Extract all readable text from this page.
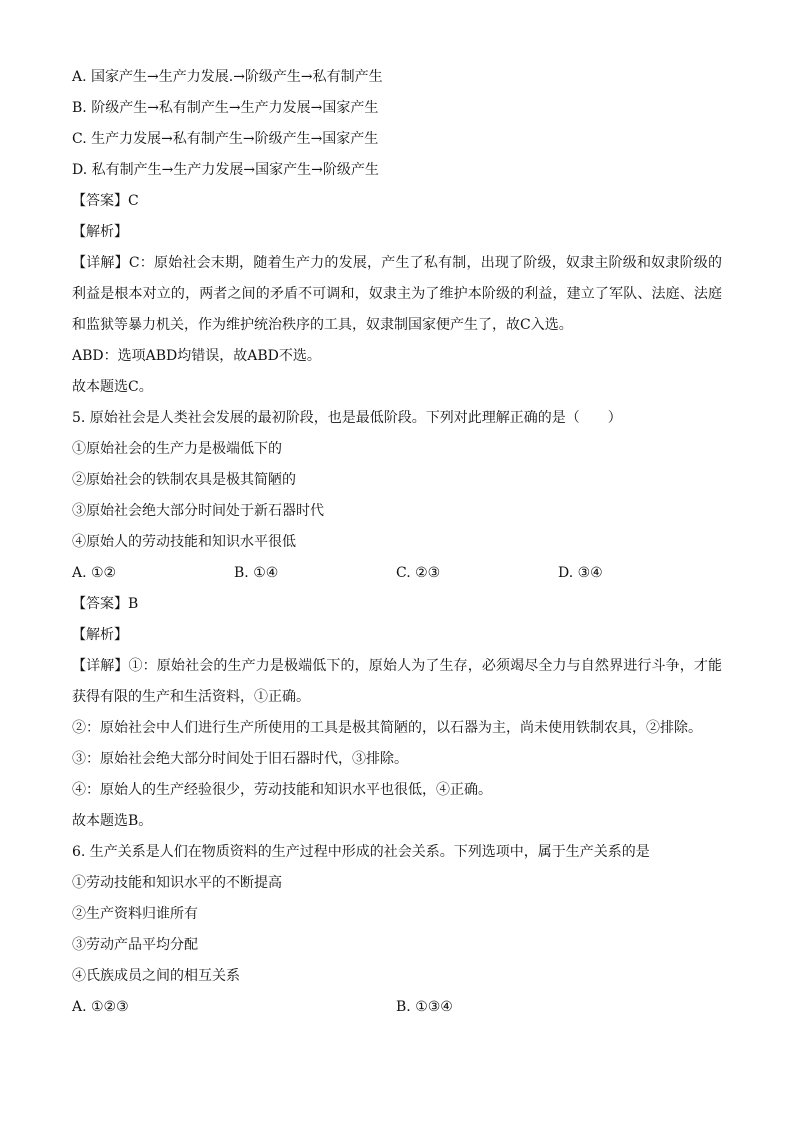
A. 国家产生→生产力发展.→阶级产生→私有制产生
B. 阶级产生→私有制产生→生产力发展→国家产生
C. 生产力发展→私有制产生→阶级产生→国家产生
D. 私有制产生→生产力发展→国家产生→阶级产生
【答案】C
【解析】
【详解】C：原始社会末期，随着生产力的发展，产生了私有制，出现了阶级，奴隶主阶级和奴隶阶级的利益是根本对立的，两者之间的矛盾不可调和，奴隶主为了维护本阶级的利益，建立了军队、法庭、法庭和监狱等暴力机关，作为维护统治秩序的工具，奴隶制国家便产生了，故C入选。
ABD：选项ABD均错误，故ABD不选。
故本题选C。
5. 原始社会是人类社会发展的最初阶段，也是最低阶段。下列对此理解正确的是（　　）
①原始社会的生产力是极端低下的
②原始社会的铁制农具是极其简陋的
③原始社会绝大部分时间处于新石器时代
④原始人的劳动技能和知识水平很低
A. ①②	B. ①④	C. ②③	D. ③④
【答案】B
【解析】
【详解】①：原始社会的生产力是极端低下的，原始人为了生存，必须竭尽全力与自然界进行斗争，才能获得有限的生产和生活资料，①正确。
②：原始社会中人们进行生产所使用的工具是极其简陋的，以石器为主，尚未使用铁制农具，②排除。
③：原始社会绝大部分时间处于旧石器时代，③排除。
④：原始人的生产经验很少，劳动技能和知识水平也很低，④正确。
故本题选B。
6. 生产关系是人们在物质资料的生产过程中形成的社会关系。下列选项中，属于生产关系的是
①劳动技能和知识水平的不断提高
②生产资料归谁所有
③劳动产品平均分配
④氏族成员之间的相互关系
A. ①②③	B. ①③④
